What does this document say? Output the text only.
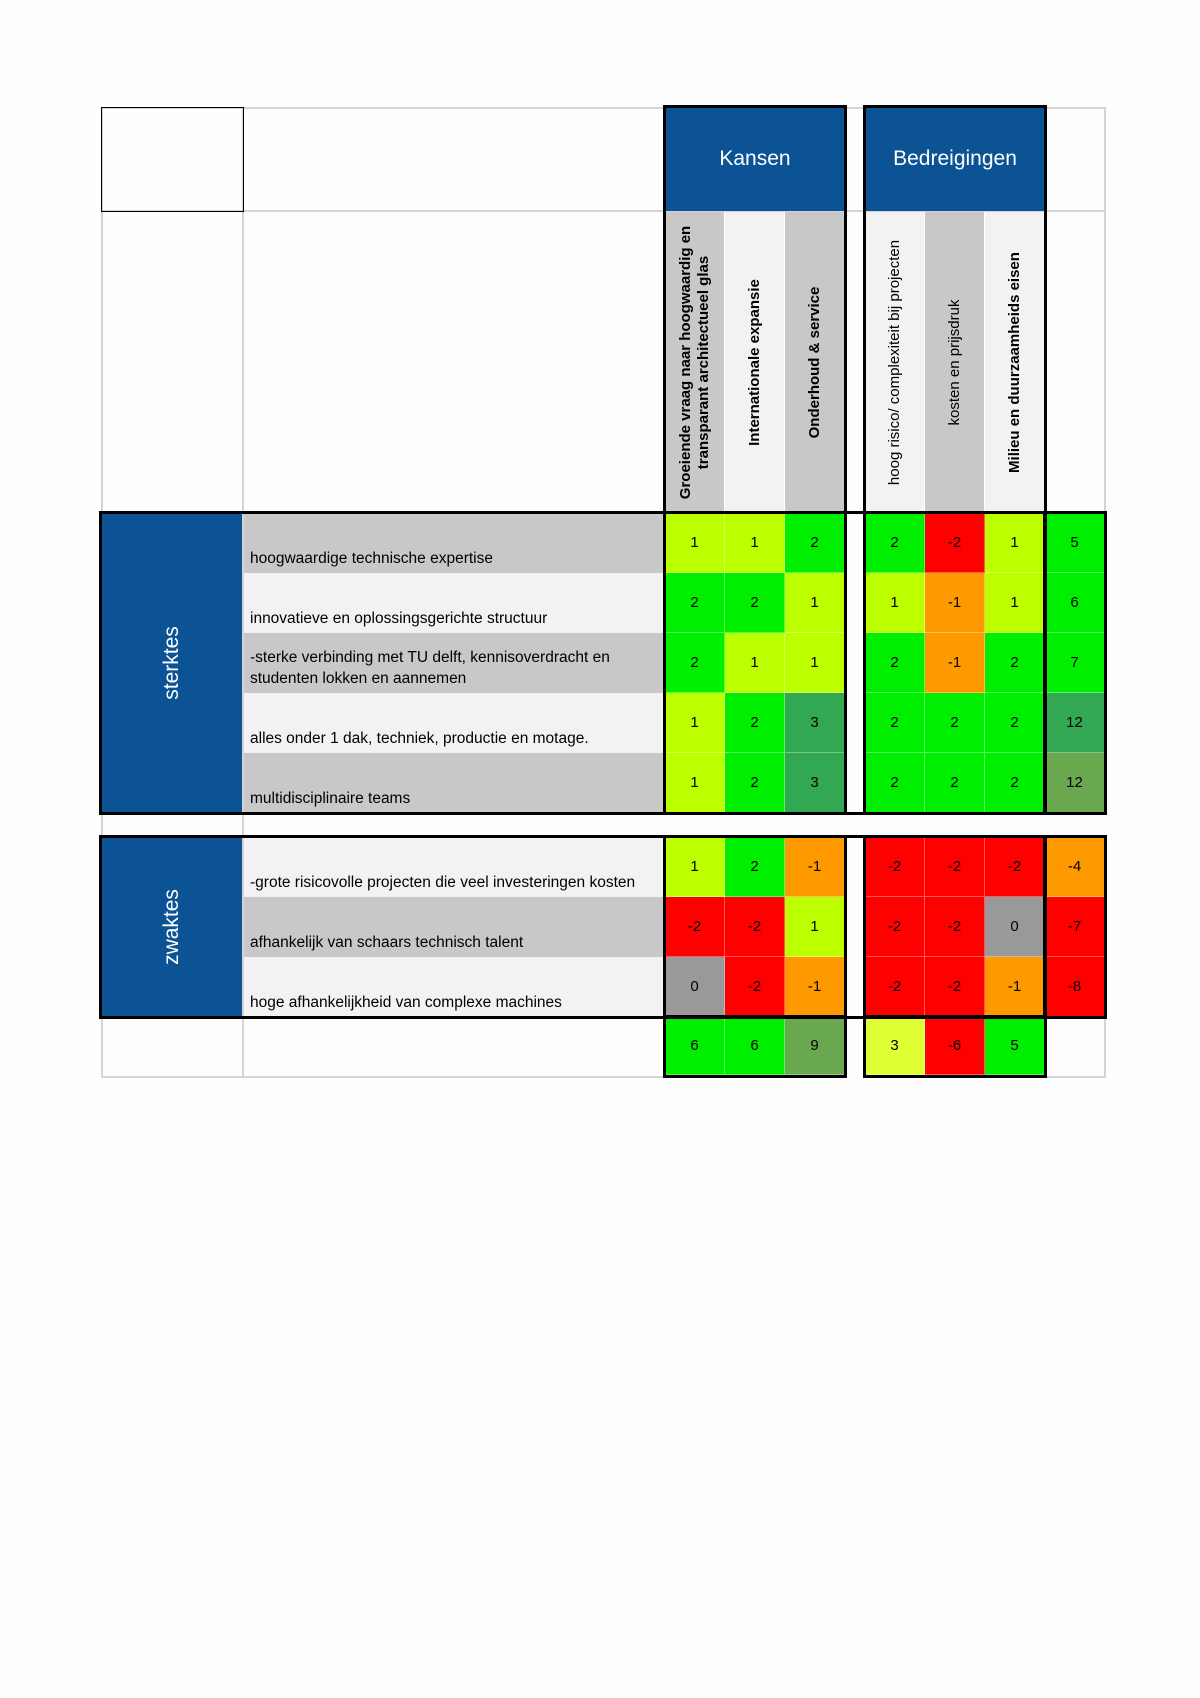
Kansen	Bedreigingen
Groeiende vraag naar hoogwaardig en transparant architectueel glas	Internationale expansie	Onderhoud & service	hoog risico/ complexiteit bij projecten	kosten en prijsdruk	Milieu en duurzaamheids eisen
sterktes
zwaktes
hoogwaardige technische expertise
1	1	2	2	-2	1	5
innovatieve en oplossingsgerichte structuur
2	2	1	1	-1	1	6
-sterke verbinding met TU delft, kennisoverdracht en studenten lokken en aannemen
2	1	1	2	-1	2	7
alles onder 1 dak, techniek, productie en motage.
1	2	3	2	2	2	12
multidisciplinaire teams
1	2	3	2	2	2	12
-grote risicovolle projecten die veel investeringen kosten
1	2	-1	-2	-2	-2	-4
afhankelijk van schaars technisch talent
-2	-2	1	-2	-2	0	-7
hoge afhankelijkheid van complexe machines
0	-2	-1	-2	-2	-1	-8
6	6	9	3	-6	5
